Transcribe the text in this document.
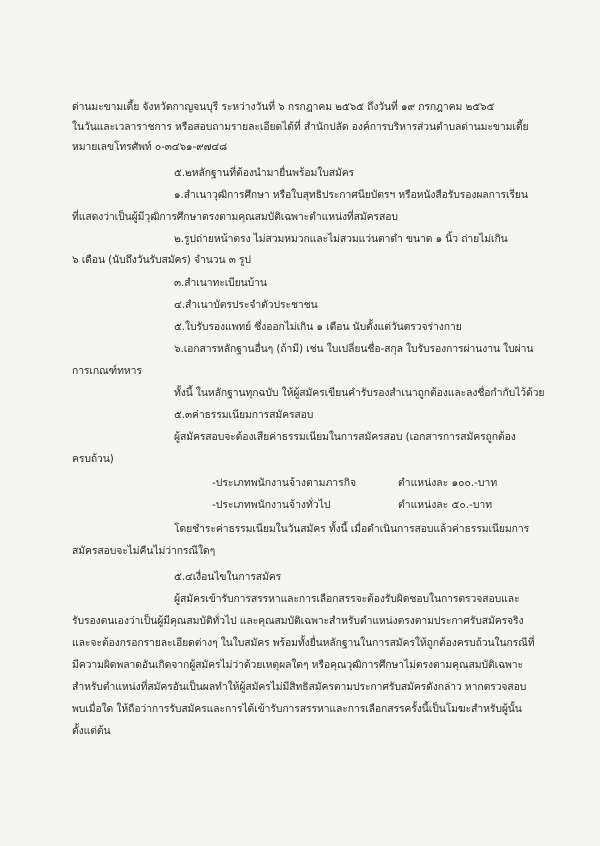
ด่านมะขามเตี้ย จังหวัดกาญจนบุรี ระหว่างวันที่ ๖ กรกฎาคม ๒๕๖๕ ถึงวันที่ ๑๙ กรกฎาคม ๒๕๖๕
ในวันและเวลาราชการ หรือสอบถามรายละเอียดได้ที่ สำนักปลัด องค์การบริหารส่วนตำบลด่านมะขามเตี้ย
หมายเลขโทรศัพท์ ๐-๓๔๖๑-๙๗๔๘
๕.๒หลักฐานที่ต้องนำมายื่นพร้อมใบสมัคร
๑.สำเนาวุฒิการศึกษา หรือใบสุทธิประกาศนียบัตรฯ หรือหนังสือรับรองผลการเรียน
ที่แสดงว่าเป็นผู้มีวุฒิการศึกษาตรงตามคุณสมบัติเฉพาะตำแหน่งที่สมัครสอบ
๒.รูปถ่ายหน้าตรง ไม่สวมหมวกและไม่สวมแว่นตาดำ ขนาด ๑ นิ้ว ถ่ายไม่เกิน
๖ เดือน (นับถึงวันรับสมัคร) จำนวน ๓ รูป
๓.สำเนาทะเบียนบ้าน
๔.สำเนาบัตรประจำตัวประชาชน
๕.ใบรับรองแพทย์ ซึ่งออกไม่เกิน ๑ เดือน นับตั้งแต่วันตรวจร่างกาย
๖.เอกสารหลักฐานอื่นๆ (ถ้ามี) เช่น ใบเปลี่ยนชื่อ-สกุล ใบรับรองการผ่านงาน ใบผ่าน
การเกณฑ์ทหาร
ทั้งนี้ ในหลักฐานทุกฉบับ ให้ผู้สมัครเขียนคำรับรองสำเนาถูกต้องและลงชื่อกำกับไว้ด้วย
๕.๓ค่าธรรมเนียมการสมัครสอบ
ผู้สมัครสอบจะต้องเสียค่าธรรมเนียมในการสมัครสอบ (เอกสารการสมัครถูกต้อง
ครบถ้วน)
-ประเภทพนักงานจ้างตามภารกิจ	ตำแหน่งละ ๑๐๐.-บาท
-ประเภทพนักงานจ้างทั่วไป	ตำแหน่งละ ๕๐.-บาท
โดยชำระค่าธรรมเนียมในวันสมัคร ทั้งนี้ เมื่อดำเนินการสอบแล้วค่าธรรมเนียมการ
สมัครสอบจะไม่คืนไม่ว่ากรณีใดๆ
๕.๔เงื่อนไขในการสมัคร
ผู้สมัครเข้ารับการสรรหาและการเลือกสรรจะต้องรับผิดชอบในการตรวจสอบและ
รับรองตนเองว่าเป็นผู้มีคุณสมบัติทั่วไป และคุณสมบัติเฉพาะสำหรับตำแหน่งตรงตามประกาศรับสมัครจริง
และจะต้องกรอกรายละเอียดต่างๆ ในใบสมัคร พร้อมทั้งยื่นหลักฐานในการสมัครให้ถูกต้องครบถ้วนในกรณีที่
มีความผิดพลาดอันเกิดจากผู้สมัครไม่ว่าด้วยเหตุผลใดๆ หรือคุณวุฒิการศึกษาไม่ตรงตามคุณสมบัติเฉพาะ
สำหรับตำแหน่งที่สมัครอันเป็นผลทำให้ผู้สมัครไม่มีสิทธิสมัครตามประกาศรับสมัครดังกล่าว หากตรวจสอบ
พบเมื่อใด ให้ถือว่าการรับสมัครและการได้เข้ารับการสรรหาและการเลือกสรรครั้งนี้เป็นโมฆะสำหรับผู้นั้น
ตั้งแต่ต้น
